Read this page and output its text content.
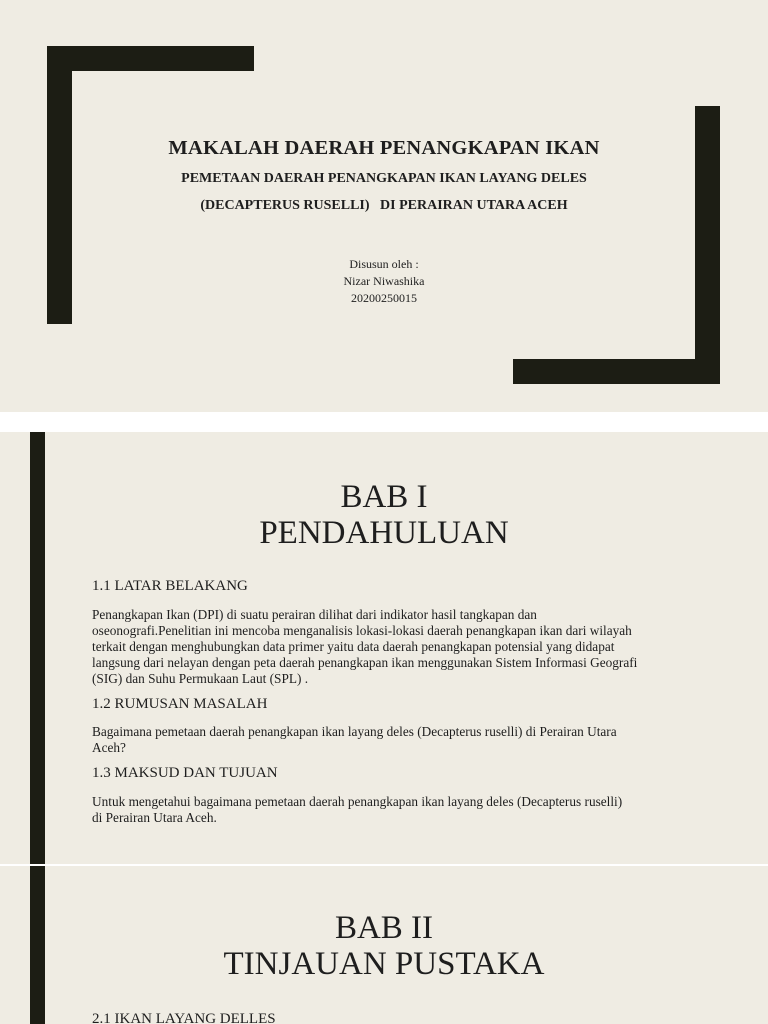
MAKALAH DAERAH PENANGKAPAN IKAN
PEMETAAN DAERAH PENANGKAPAN IKAN LAYANG DELES
(DECAPTERUS RUSELLI)   DI PERAIRAN UTARA ACEH
Disusun oleh :
Nizar Niwashika
20200250015
BAB I
PENDAHULUAN
1.1 LATAR BELAKANG
Penangkapan Ikan (DPI) di suatu perairan dilihat dari indikator hasil tangkapan dan
oseonografi.Penelitian ini mencoba menganalisis lokasi-lokasi daerah penangkapan ikan dari wilayah
terkait dengan menghubungkan data primer yaitu data daerah penangkapan potensial yang didapat
langsung dari nelayan dengan peta daerah penangkapan ikan menggunakan Sistem Informasi Geografi
(SIG) dan Suhu Permukaan Laut (SPL) .
1.2 RUMUSAN MASALAH
Bagaimana pemetaan daerah penangkapan ikan layang deles (Decapterus ruselli) di Perairan Utara
Aceh?
1.3 MAKSUD DAN TUJUAN
Untuk mengetahui bagaimana pemetaan daerah penangkapan ikan layang deles (Decapterus ruselli)
di Perairan Utara Aceh.
BAB II
TINJAUAN PUSTAKA
2.1 IKAN LAYANG DELLES
